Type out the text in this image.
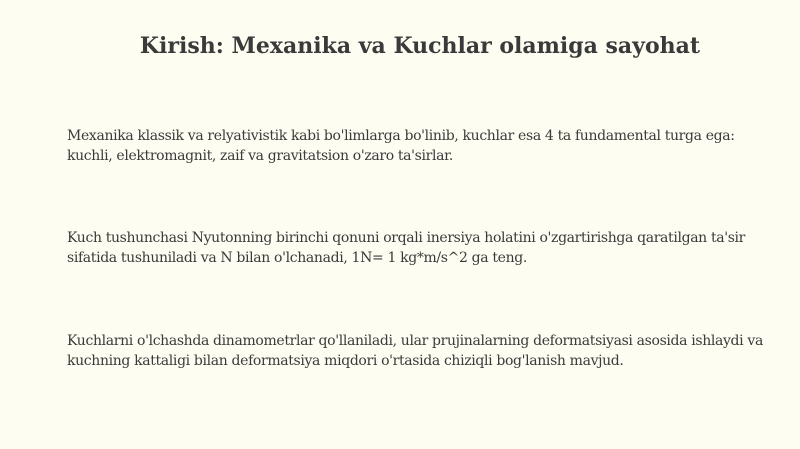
Kirish: Mexanika va Kuchlar olamiga sayohat

Mexanika klassik va relyativistik kabi bo'limlarga bo'linib, kuchlar esa 4 ta fundamental turga ega: kuchli, elektromagnit, zaif va gravitatsion o'zaro ta'sirlar.

Kuch tushunchasi Nyutonning birinchi qonuni orqali inersiya holatini o'zgartirishga qaratilgan ta'sir sifatida tushuniladi va N bilan o'lchanadi, 1N= 1 kg*m/s^2 ga teng.

Kuchlarni o'lchashda dinamometrlar qo'llaniladi, ular prujinalarning deformatsiyasi asosida ishlaydi va kuchning kattaligi bilan deformatsiya miqdori o'rtasida chiziqli bog'lanish mavjud.
